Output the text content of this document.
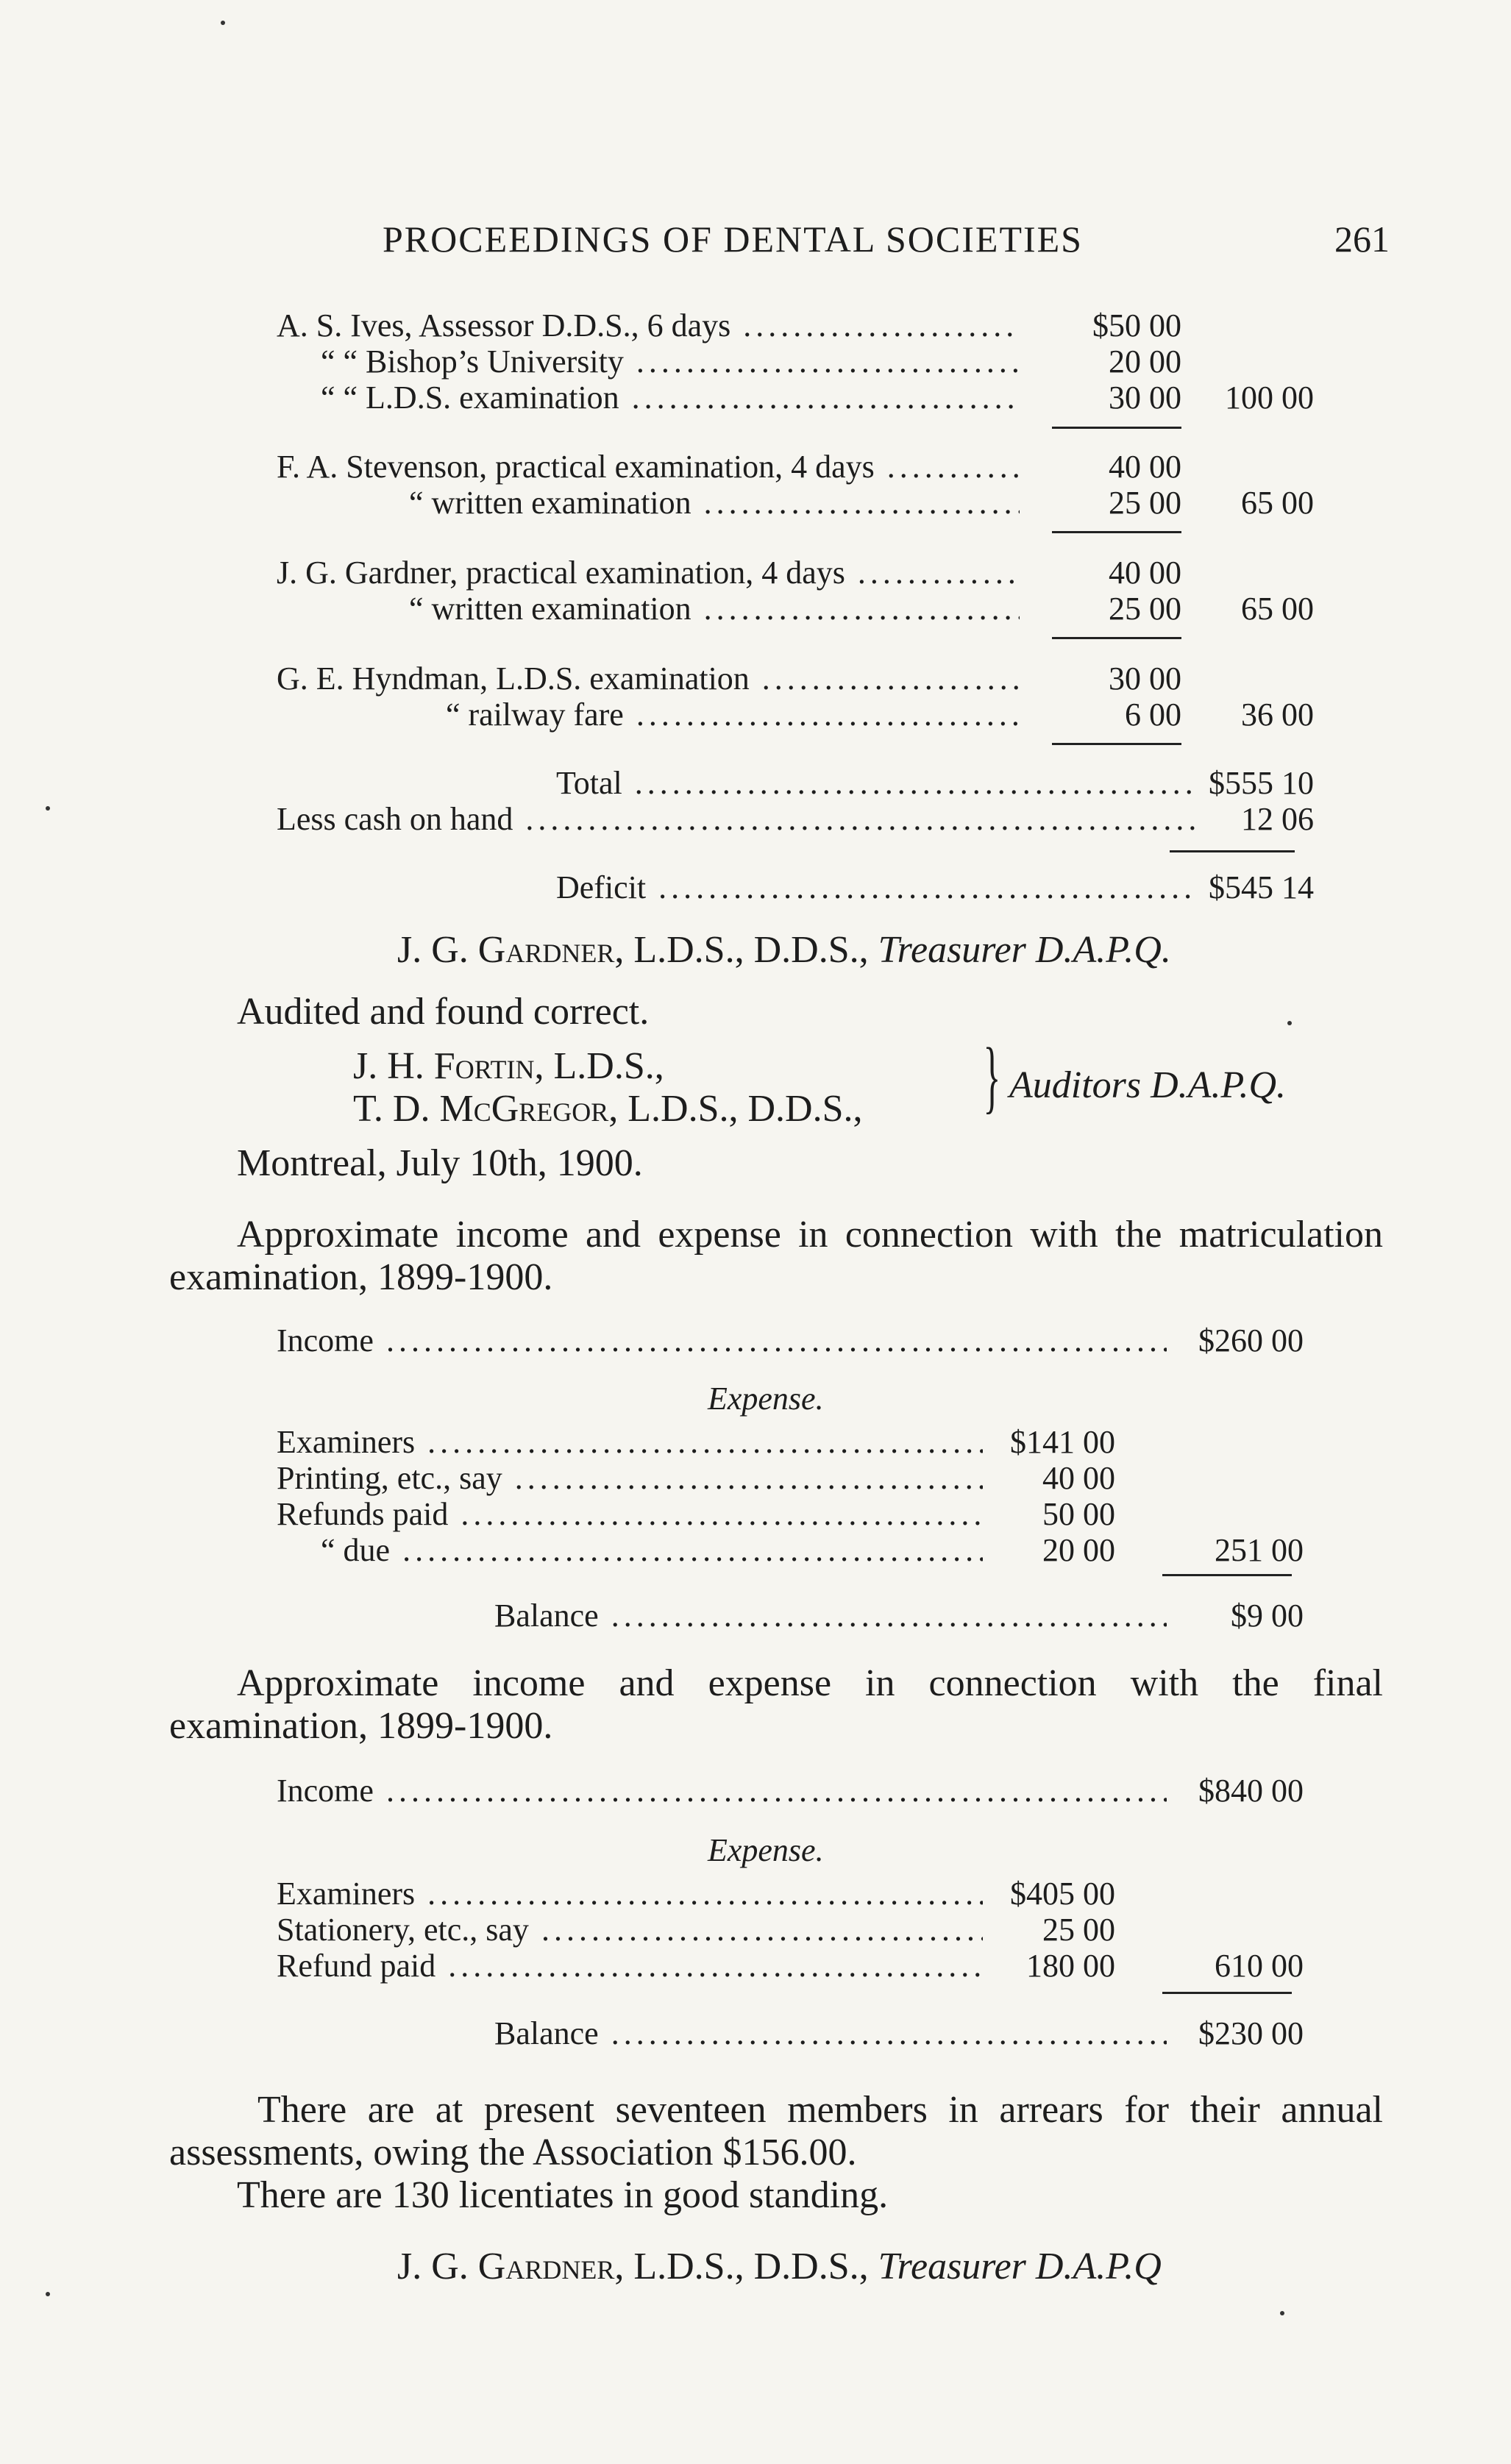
PROCEEDINGS OF DENTAL SOCIETIES	261
A. S. Ives, Assessor D.D.S., 6 days .....	$50 00
“ “ Bishop’s University .....	20 00
“ “ L.D.S. examination .....	30 00	100 00
F. A. Stevenson, practical examination, 4 days .....	40 00
“ written examination .....	25 00	65 00
J. G. Gardner, practical examination, 4 days .....	40 00
“ written examination .....	25 00	65 00
G. E. Hyndman, L.D.S. examination .....	30 00
“ railway fare .....	6 00	36 00
Total .....	$555 10
Less cash on hand .....	12 06
Deficit .....	$545 14
J. G. Gardner, L.D.S., D.D.S., Treasurer D.A.P.Q.
Audited and found correct.
J. H. Fortin, L.D.S.,
T. D. McGregor, L.D.S., D.D.S., } Auditors D.A.P.Q.
Montreal, July 10th, 1900.
Approximate income and expense in connection with the matriculation examination, 1899-1900.
Income .....	$260 00
Expense.
Examiners .....	$141 00
Printing, etc., say .....	40 00
Refunds paid .....	50 00
“ due .....	20 00	251 00
Balance .....	$9 00
Approximate income and expense in connection with the final examination, 1899-1900.
Income .....	$840 00
Expense.
Examiners .....	$405 00
Stationery, etc., say .....	25 00
Refund paid .....	180 00	610 00
Balance .....	$230 00
There are at present seventeen members in arrears for their annual assessments, owing the Association $156.00.
There are 130 licentiates in good standing.
J. G. Gardner, L.D.S., D.D.S., Treasurer D.A.P.Q
